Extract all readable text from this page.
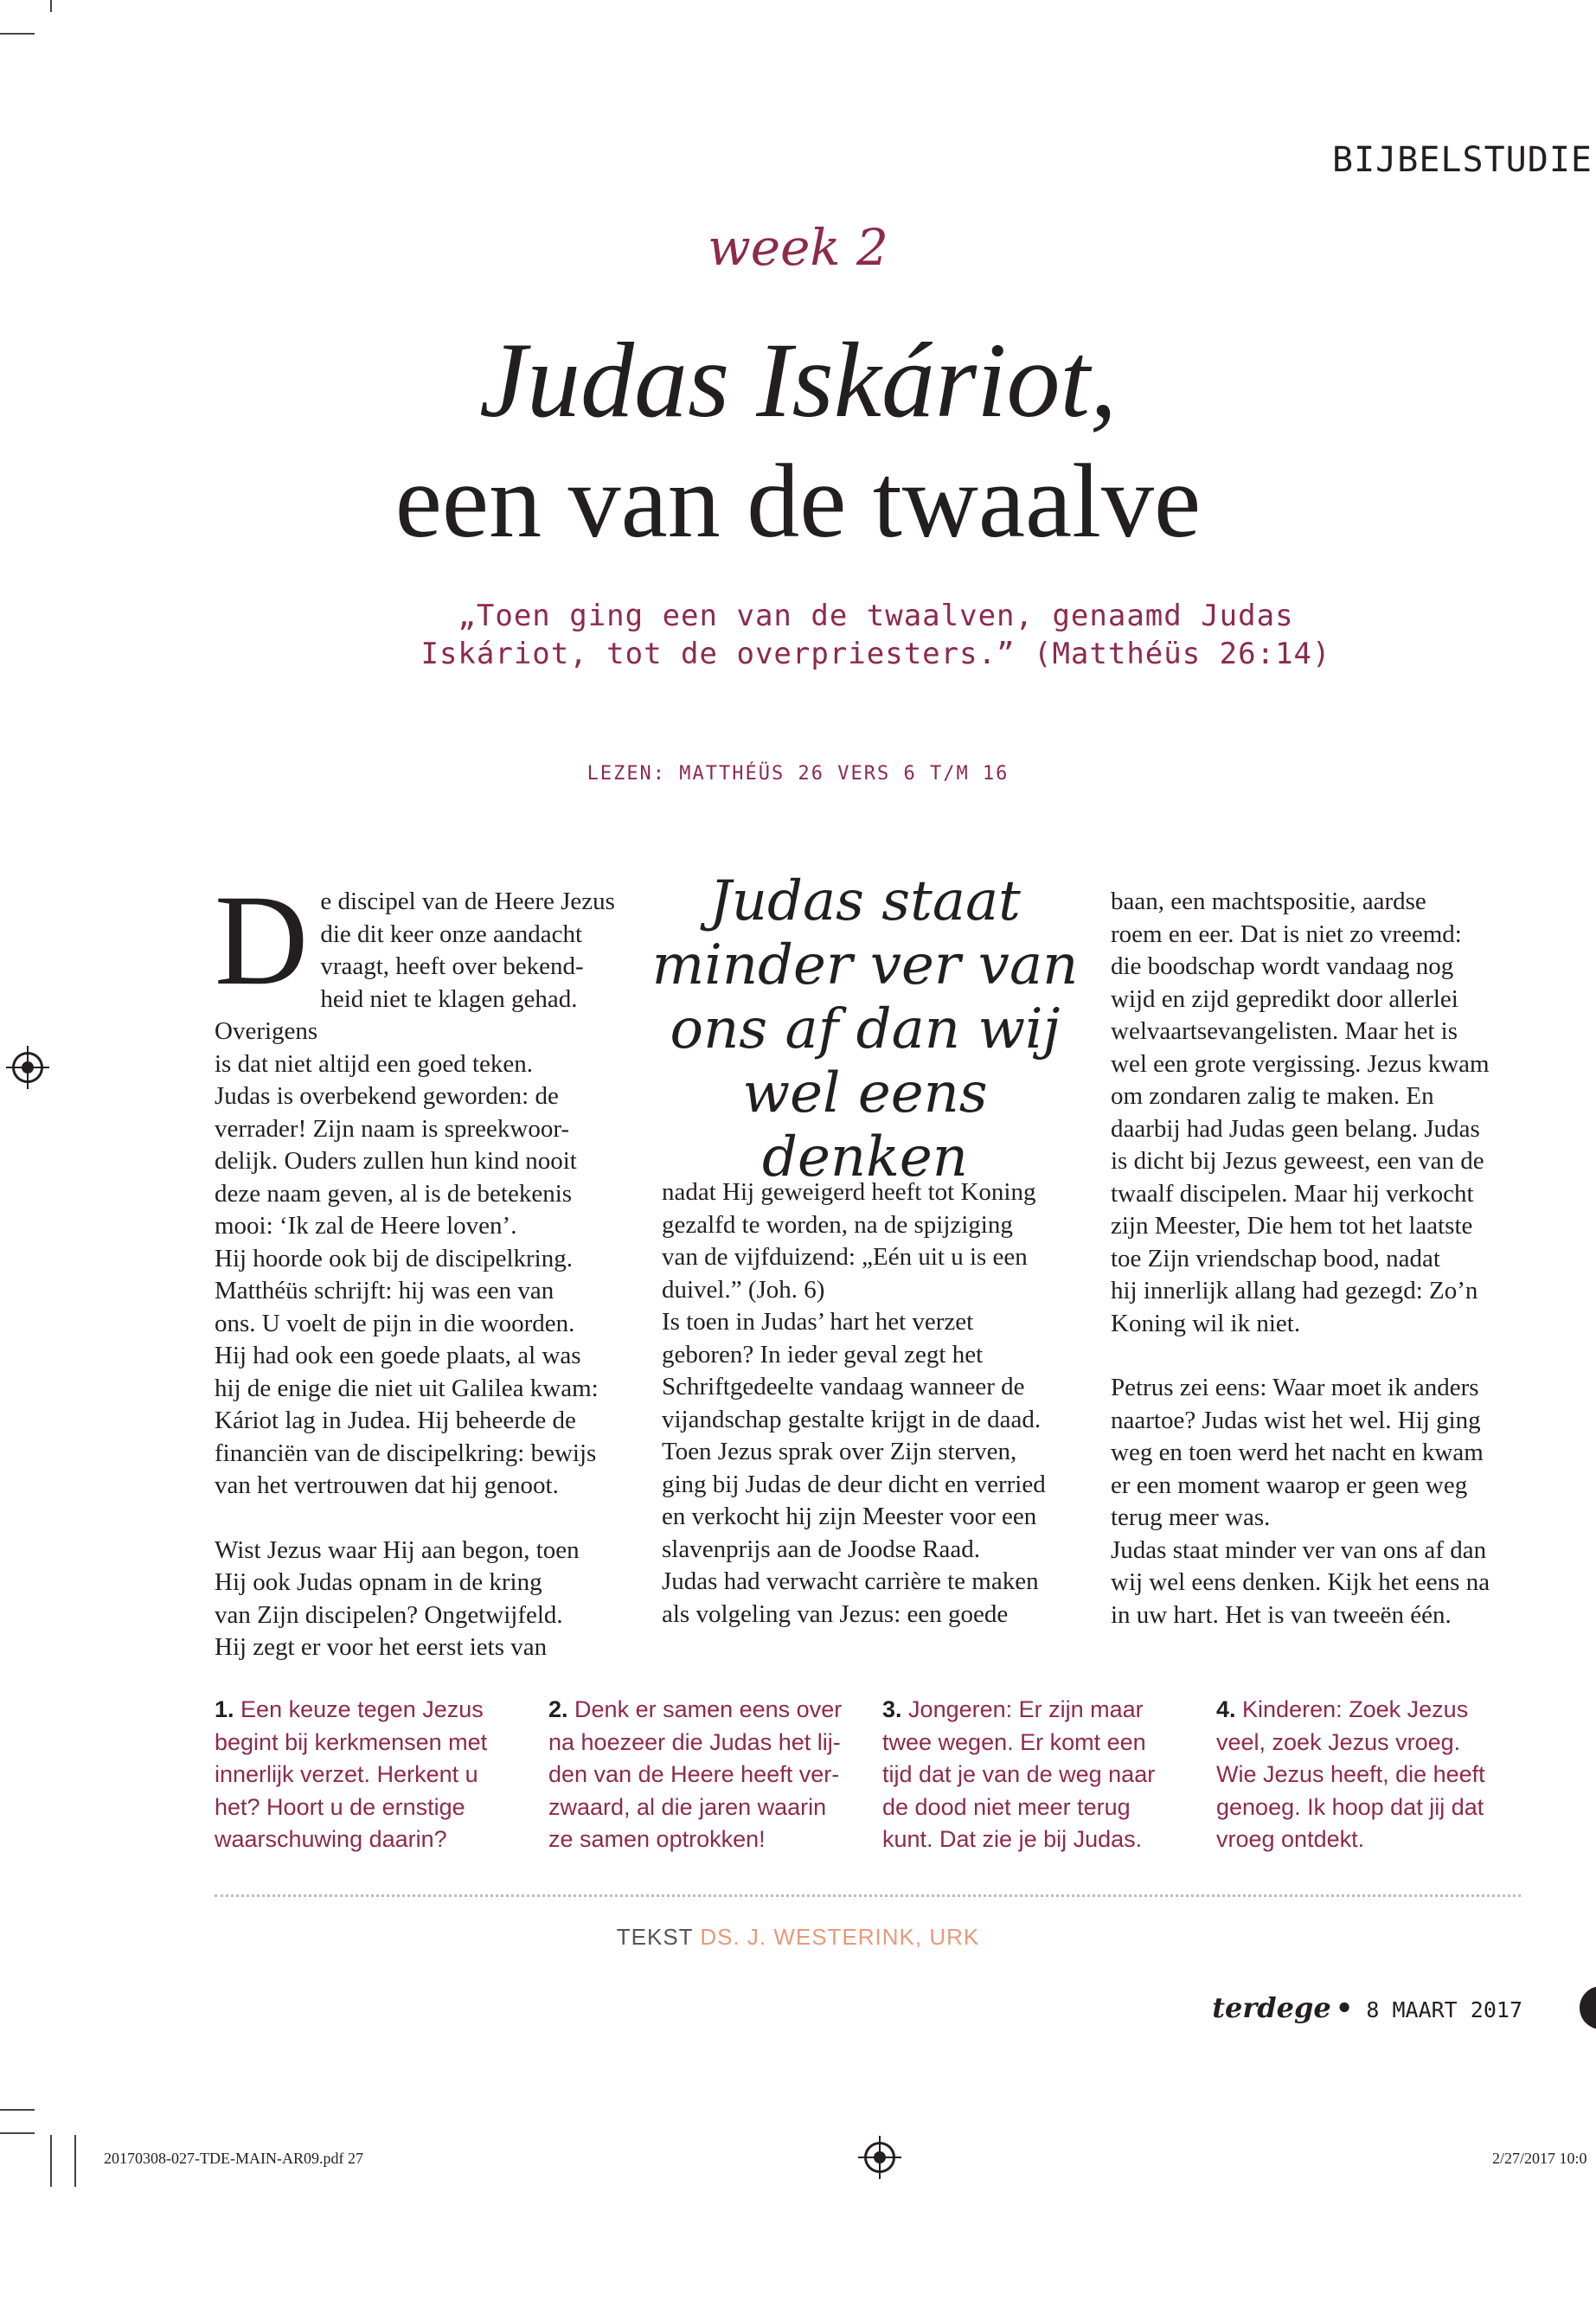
BIJBELSTUDIE
week 2
Judas Iskáriot,
een van de twaalve
„Toen ging een van de twaalven, genaamd Judas Iskáriot, tot de overpriesters.” (Matthéüs 26:14)
LEZEN: MATTHÉÜS 26 VERS 6 T/M 16
D e discipel van de Heere Jezus
die dit keer onze aandacht
vraagt, heeft over bekend-
heid niet te klagen gehad. Overigens
is dat niet altijd een goed teken.
Judas is overbekend geworden: de
verrader! Zijn naam is spreekwoor-
delijk. Ouders zullen hun kind nooit
deze naam geven, al is de betekenis
mooi: ‘Ik zal de Heere loven’.
Hij hoorde ook bij de discipelkring.
Matthéüs schrijft: hij was een van
ons. U voelt de pijn in die woorden.
Hij had ook een goede plaats, al was
hij de enige die niet uit Galilea kwam:
Káriot lag in Judea. Hij beheerde de
financiën van de discipelkring: bewijs
van het vertrouwen dat hij genoot.

Wist Jezus waar Hij aan begon, toen
Hij ook Judas opnam in de kring
van Zijn discipelen? Ongetwijfeld.
Hij zegt er voor het eerst iets van

Judas staat
minder ver van
ons af dan wij
wel eens denken

nadat Hij geweigerd heeft tot Koning
gezalfd te worden, na de spijziging
van de vijfduizend: „Eén uit u is een
duivel.” (Joh. 6)
Is toen in Judas’ hart het verzet
geboren? In ieder geval zegt het
Schriftgedeelte vandaag wanneer de
vijandschap gestalte krijgt in de daad.
Toen Jezus sprak over Zijn sterven,
ging bij Judas de deur dicht en verried
en verkocht hij zijn Meester voor een
slavenprijs aan de Joodse Raad.
Judas had verwacht carrière te maken
als volgeling van Jezus: een goede

baan, een machtspositie, aardse
roem en eer. Dat is niet zo vreemd:
die boodschap wordt vandaag nog
wijd en zijd gepredikt door allerlei
welvaartsevangelisten. Maar het is
wel een grote vergissing. Jezus kwam
om zondaren zalig te maken. En
daarbij had Judas geen belang. Judas
is dicht bij Jezus geweest, een van de
twaalf discipelen. Maar hij verkocht
zijn Meester, Die hem tot het laatste
toe Zijn vriendschap bood, nadat
hij innerlijk allang had gezegd: Zo’n
Koning wil ik niet.

Petrus zei eens: Waar moet ik anders
naartoe? Judas wist het wel. Hij ging
weg en toen werd het nacht en kwam
er een moment waarop er geen weg
terug meer was.
Judas staat minder ver van ons af dan
wij wel eens denken. Kijk het eens na
in uw hart. Het is van tweeën één.

1. Een keuze tegen Jezus
begint bij kerkmensen met
innerlijk verzet. Herkent u
het? Hoort u de ernstige
waarschuwing daarin?
2. Denk er samen eens over
na hoezeer die Judas het lij-
den van de Heere heeft ver-
zwaard, al die jaren waarin
ze samen optrokken!
3. Jongeren: Er zijn maar
twee wegen. Er komt een
tijd dat je van de weg naar
de dood niet meer terug
kunt. Dat zie je bij Judas.
4. Kinderen: Zoek Jezus
veel, zoek Jezus vroeg.
Wie Jezus heeft, die heeft
genoeg. Ik hoop dat jij dat
vroeg ontdekt.
TEKST DS. J. WESTERINK, URK
terdege • 8 MAART 2017
20170308-027-TDE-MAIN-AR09.pdf 27	2/27/2017 10:0
